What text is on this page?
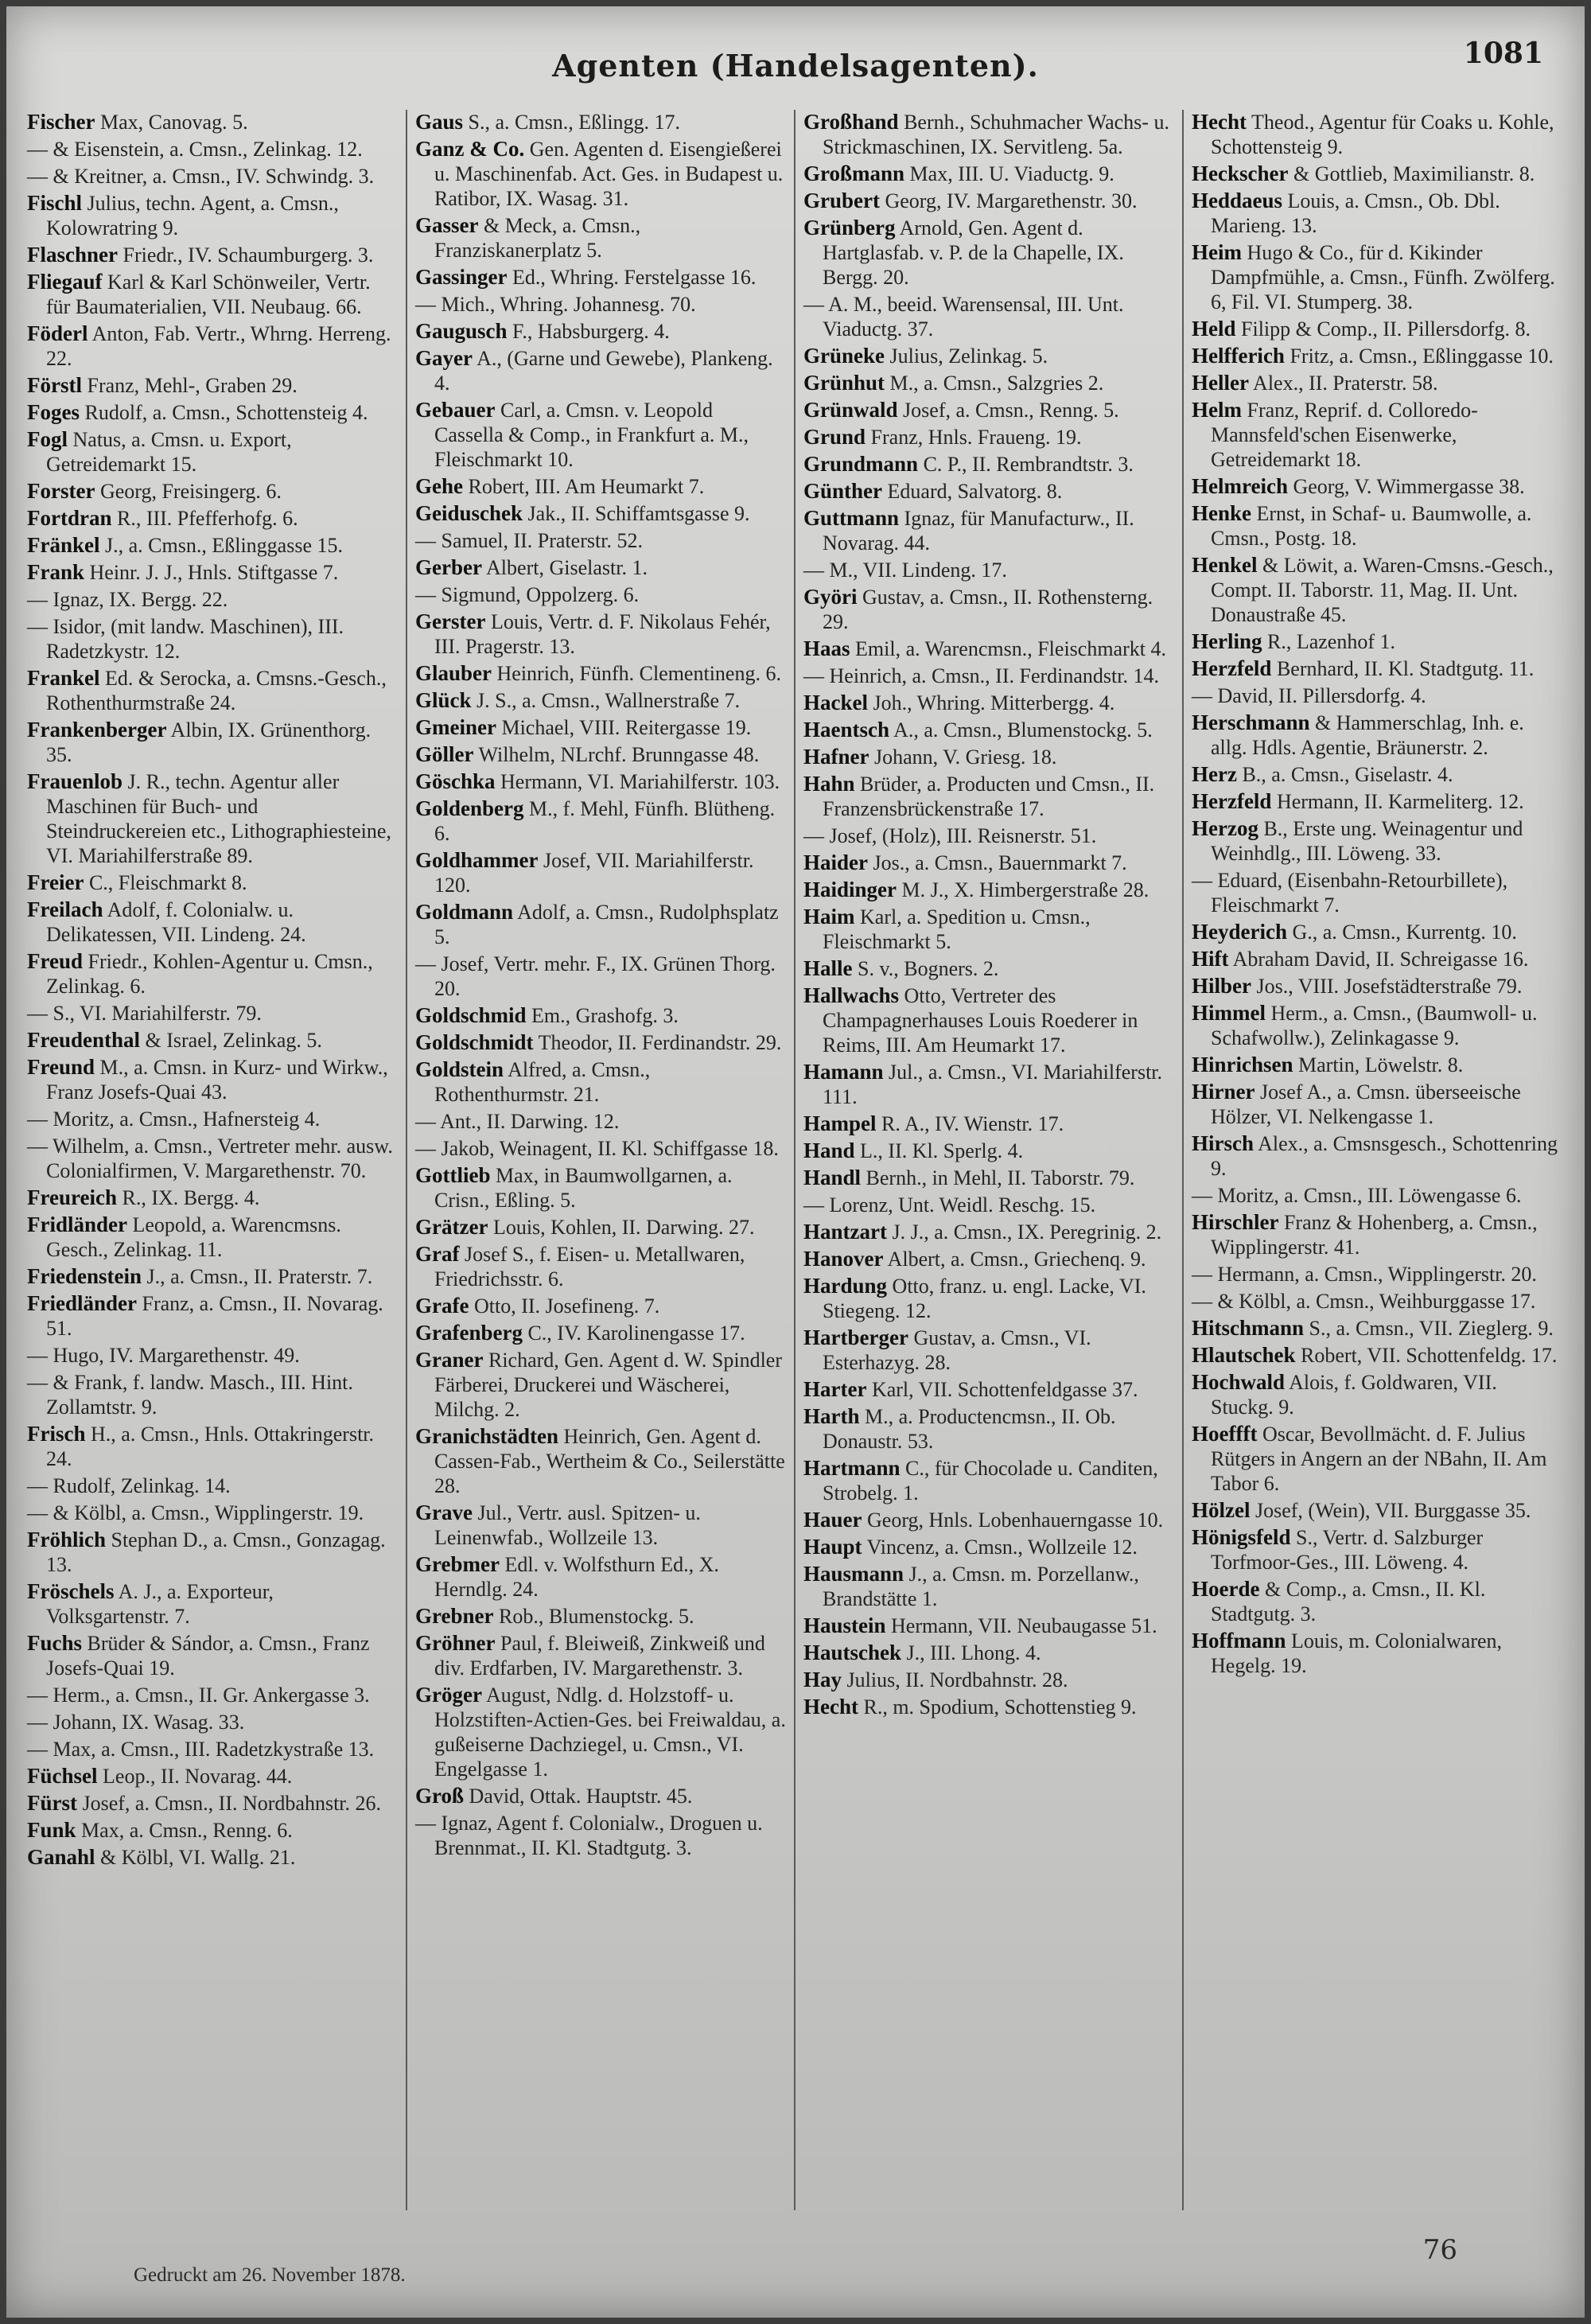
1081
Agenten (Handelsagenten).
Fischer Max, Canovag. 5.
— & Eisenstein, a. Cmsn., Zelinkag. 12.
— & Kreitner, a. Cmsn., IV. Schwindg. 3.
Fischl Julius, techn. Agent, a. Cmsn., Kolowratring 9.
Flaschner Friedr., IV. Schaumburgerg. 3.
Fliegauf Karl & Karl Schönweiler, Vertr. für Baumaterialien, VII. Neubaug. 66.
Föderl Anton, Fab. Vertr., Whrng. Herreng. 22.
Förstl Franz, Mehl-, Graben 29.
Foges Rudolf, a. Cmsn., Schottensteig 4.
Fogl Natus, a. Cmsn. u. Export, Getreidemarkt 15.
Forster Georg, Freisingerg. 6.
Fortdran R., III. Pfefferhofg. 6.
Fränkel J., a. Cmsn., Eßlinggasse 15.
Frank Heinr. J. J., Hnls. Stiftgasse 7.
— Ignaz, IX. Bergg. 22.
— Isidor, (mit landw. Maschinen), III. Radetzkystr. 12.
Frankel Ed. & Serocka, a. Cmsns.-Gesch., Rothenthurmstraße 24.
Frankenberger Albin, IX. Grünenthorg. 35.
Frauenlob J. R., techn. Agentur aller Maschinen für Buch- und Steindruckereien etc., Lithographiesteine, VI. Mariahilferstraße 89.
Freier C., Fleischmarkt 8.
Freilach Adolf, f. Colonialw. u. Delikatessen, VII. Lindeng. 24.
Freud Friedr., Kohlen-Agentur u. Cmsn., Zelinkag. 6.
— S., VI. Mariahilferstr. 79.
Freudenthal & Israel, Zelinkag. 5.
Freund M., a. Cmsn. in Kurz- und Wirkw., Franz Josefs-Quai 43.
— Moritz, a. Cmsn., Hafnersteig 4.
— Wilhelm, a. Cmsn., Vertreter mehr. ausw. Colonialfirmen, V. Margarethenstr. 70.
Freureich R., IX. Bergg. 4.
Fridländer Leopold, a. Warencmsns. Gesch., Zelinkag. 11.
Friedenstein J., a. Cmsn., II. Praterstr. 7.
Friedländer Franz, a. Cmsn., II. Novarag. 51.
— Hugo, IV. Margarethenstr. 49.
— & Frank, f. landw. Masch., III. Hint. Zollamtstr. 9.
Frisch H., a. Cmsn., Hnls. Ottakringerstr. 24.
— Rudolf, Zelinkag. 14.
— & Kölbl, a. Cmsn., Wipplingerstr. 19.
Fröhlich Stephan D., a. Cmsn., Gonzagag. 13.
Fröschels A. J., a. Exporteur, Volksgartenstr. 7.
Fuchs Brüder & Sándor, a. Cmsn., Franz Josefs-Quai 19.
— Herm., a. Cmsn., II. Gr. Ankergasse 3.
— Johann, IX. Wasag. 33.
— Max, a. Cmsn., III. Radetzkystraße 13.
Füchsel Leop., II. Novarag. 44.
Fürst Josef, a. Cmsn., II. Nordbahnstr. 26.
Funk Max, a. Cmsn., Renng. 6.
Ganahl & Kölbl, VI. Wallg. 21.
Gaus S., a. Cmsn., Eßlingg. 17.
Ganz & Co. Gen. Agenten d. Eisengießerei u. Maschinenfab. Act. Ges. in Budapest u. Ratibor, IX. Wasag. 31.
Gasser & Meck, a. Cmsn., Franziskanerplatz 5.
Gassinger Ed., Whring. Ferstelgasse 16.
— Mich., Whring. Johannesg. 70.
Gaugusch F., Habsburgerg. 4.
Gayer A., (Garne und Gewebe), Plankeng. 4.
Gebauer Carl, a. Cmsn. v. Leopold Cassella & Comp., in Frankfurt a. M., Fleischmarkt 10.
Gehe Robert, III. Am Heumarkt 7.
Geiduschek Jak., II. Schiffamtsgasse 9.
— Samuel, II. Praterstr. 52.
Gerber Albert, Giselastr. 1.
— Sigmund, Oppolzerg. 6.
Gerster Louis, Vertr. d. F. Nikolaus Fehér, III. Pragerstr. 13.
Glauber Heinrich, Fünfh. Clementineng. 6.
Glück J. S., a. Cmsn., Wallnerstraße 7.
Gmeiner Michael, VIII. Reitergasse 19.
Göller Wilhelm, NLrchf. Brunngasse 48.
Göschka Hermann, VI. Mariahilferstr. 103.
Goldenberg M., f. Mehl, Fünfh. Blütheng. 6.
Goldhammer Josef, VII. Mariahilferstr. 120.
Goldmann Adolf, a. Cmsn., Rudolphsplatz 5.
— Josef, Vertr. mehr. F., IX. Grünen Thorg. 20.
Goldschmid Em., Grashofg. 3.
Goldschmidt Theodor, II. Ferdinandstr. 29.
Goldstein Alfred, a. Cmsn., Rothenthurmstr. 21.
— Ant., II. Darwing. 12.
— Jakob, Weinagent, II. Kl. Schiffgasse 18.
Gottlieb Max, in Baumwollgarnen, a. Crisn., Eßling. 5.
Grätzer Louis, Kohlen, II. Darwing. 27.
Graf Josef S., f. Eisen- u. Metallwaren, Friedrichsstr. 6.
Grafe Otto, II. Josefineng. 7.
Grafenberg C., IV. Karolinengasse 17.
Graner Richard, Gen. Agent d. W. Spindler Färberei, Druckerei und Wäscherei, Milchg. 2.
Granichstädten Heinrich, Gen. Agent d. Cassen-Fab., Wertheim & Co., Seilerstätte 28.
Grave Jul., Vertr. ausl. Spitzen- u. Leinenwfab., Wollzeile 13.
Grebmer Edl. v. Wolfsthurn Ed., X. Herndlg. 24.
Grebner Rob., Blumenstockg. 5.
Gröhner Paul, f. Bleiweiß, Zinkweiß und div. Erdfarben, IV. Margarethenstr. 3.
Gröger August, Ndlg. d. Holzstoff- u. Holzstiften-Actien-Ges. bei Freiwaldau, a. gußeiserne Dachziegel, u. Cmsn., VI. Engelgasse 1.
Groß David, Ottak. Hauptstr. 45.
— Ignaz, Agent f. Colonialw., Droguen u. Brennmat., II. Kl. Stadtgutg. 3.
Großhand Bernh., Schuhmacher Wachs- u. Strickmaschinen, IX. Servitleng. 5a.
Großmann Max, III. U. Viaductg. 9.
Grubert Georg, IV. Margarethenstr. 30.
Grünberg Arnold, Gen. Agent d. Hartglasfab. v. P. de la Chapelle, IX. Bergg. 20.
— A. M., beeid. Warensensal, III. Unt. Viaductg. 37.
Grüneke Julius, Zelinkag. 5.
Grünhut M., a. Cmsn., Salzgries 2.
Grünwald Josef, a. Cmsn., Renng. 5.
Grund Franz, Hnls. Fraueng. 19.
Grundmann C. P., II. Rembrandtstr. 3.
Günther Eduard, Salvatorg. 8.
Guttmann Ignaz, für Manufacturw., II. Novarag. 44.
— M., VII. Lindeng. 17.
Györi Gustav, a. Cmsn., II. Rothensterng. 29.
Haas Emil, a. Warencmsn., Fleischmarkt 4.
— Heinrich, a. Cmsn., II. Ferdinandstr. 14.
Hackel Joh., Whring. Mitterbergg. 4.
Haentsch A., a. Cmsn., Blumenstockg. 5.
Hafner Johann, V. Griesg. 18.
Hahn Brüder, a. Producten und Cmsn., II. Franzensbrückenstraße 17.
— Josef, (Holz), III. Reisnerstr. 51.
Haider Jos., a. Cmsn., Bauernmarkt 7.
Haidinger M. J., X. Himbergerstraße 28.
Haim Karl, a. Spedition u. Cmsn., Fleischmarkt 5.
Halle S. v., Bogners. 2.
Hallwachs Otto, Vertreter des Champagnerhauses Louis Roederer in Reims, III. Am Heumarkt 17.
Hamann Jul., a. Cmsn., VI. Mariahilferstr. 111.
Hampel R. A., IV. Wienstr. 17.
Hand L., II. Kl. Sperlg. 4.
Handl Bernh., in Mehl, II. Taborstr. 79.
— Lorenz, Unt. Weidl. Reschg. 15.
Hantzart J. J., a. Cmsn., IX. Peregrinig. 2.
Hanover Albert, a. Cmsn., Griechenq. 9.
Hardung Otto, franz. u. engl. Lacke, VI. Stiegeng. 12.
Hartberger Gustav, a. Cmsn., VI. Esterhazyg. 28.
Harter Karl, VII. Schottenfeldgasse 37.
Harth M., a. Productencmsn., II. Ob. Donaustr. 53.
Hartmann C., für Chocolade u. Canditen, Strobelg. 1.
Hauer Georg, Hnls. Lobenhauerngasse 10.
Haupt Vincenz, a. Cmsn., Wollzeile 12.
Hausmann J., a. Cmsn. m. Porzellanw., Brandstätte 1.
Haustein Hermann, VII. Neubaugasse 51.
Hautschek J., III. Lhong. 4.
Hay Julius, II. Nordbahnstr. 28.
Hecht R., m. Spodium, Schottenstieg 9.
Hecht Theod., Agentur für Coaks u. Kohle, Schottensteig 9.
Heckscher & Gottlieb, Maximilianstr. 8.
Heddaeus Louis, a. Cmsn., Ob. Dbl. Marieng. 13.
Heim Hugo & Co., für d. Kikinder Dampfmühle, a. Cmsn., Fünfh. Zwölferg. 6, Fil. VI. Stumperg. 38.
Held Filipp & Comp., II. Pillersdorfg. 8.
Helfferich Fritz, a. Cmsn., Eßlinggasse 10.
Heller Alex., II. Praterstr. 58.
Helm Franz, Reprif. d. Colloredo-Mannsfeld'schen Eisenwerke, Getreidemarkt 18.
Helmreich Georg, V. Wimmergasse 38.
Henke Ernst, in Schaf- u. Baumwolle, a. Cmsn., Postg. 18.
Henkel & Löwit, a. Waren-Cmsns.-Gesch., Compt. II. Taborstr. 11, Mag. II. Unt. Donaustraße 45.
Herling R., Lazenhof 1.
Herzfeld Bernhard, II. Kl. Stadtgutg. 11.
— David, II. Pillersdorfg. 4.
Herschmann & Hammerschlag, Inh. e. allg. Hdls. Agentie, Bräunerstr. 2.
Herz B., a. Cmsn., Giselastr. 4.
Herzfeld Hermann, II. Karmeliterg. 12.
Herzog B., Erste ung. Weinagentur und Weinhdlg., III. Löweng. 33.
— Eduard, (Eisenbahn-Retourbillete), Fleischmarkt 7.
Heyderich G., a. Cmsn., Kurrentg. 10.
Hift Abraham David, II. Schreigasse 16.
Hilber Jos., VIII. Josefstädterstraße 79.
Himmel Herm., a. Cmsn., (Baumwoll- u. Schafwollw.), Zelinkagasse 9.
Hinrichsen Martin, Löwelstr. 8.
Hirner Josef A., a. Cmsn. überseeische Hölzer, VI. Nelkengasse 1.
Hirsch Alex., a. Cmsnsgesch., Schottenring 9.
— Moritz, a. Cmsn., III. Löwengasse 6.
Hirschler Franz & Hohenberg, a. Cmsn., Wipplingerstr. 41.
— Hermann, a. Cmsn., Wipplingerstr. 20.
— & Kölbl, a. Cmsn., Weihburggasse 17.
Hitschmann S., a. Cmsn., VII. Zieglerg. 9.
Hlautschek Robert, VII. Schottenfeldg. 17.
Hochwald Alois, f. Goldwaren, VII. Stuckg. 9.
Hoeffft Oscar, Bevollmächt. d. F. Julius Rütgers in Angern an der NBahn, II. Am Tabor 6.
Hölzel Josef, (Wein), VII. Burggasse 35.
Hönigsfeld S., Vertr. d. Salzburger Torfmoor-Ges., III. Löweng. 4.
Hoerde & Comp., a. Cmsn., II. Kl. Stadtgutg. 3.
Hoffmann Louis, m. Colonialwaren, Hegelg. 19.
76
Gedruckt am 26. November 1878.
